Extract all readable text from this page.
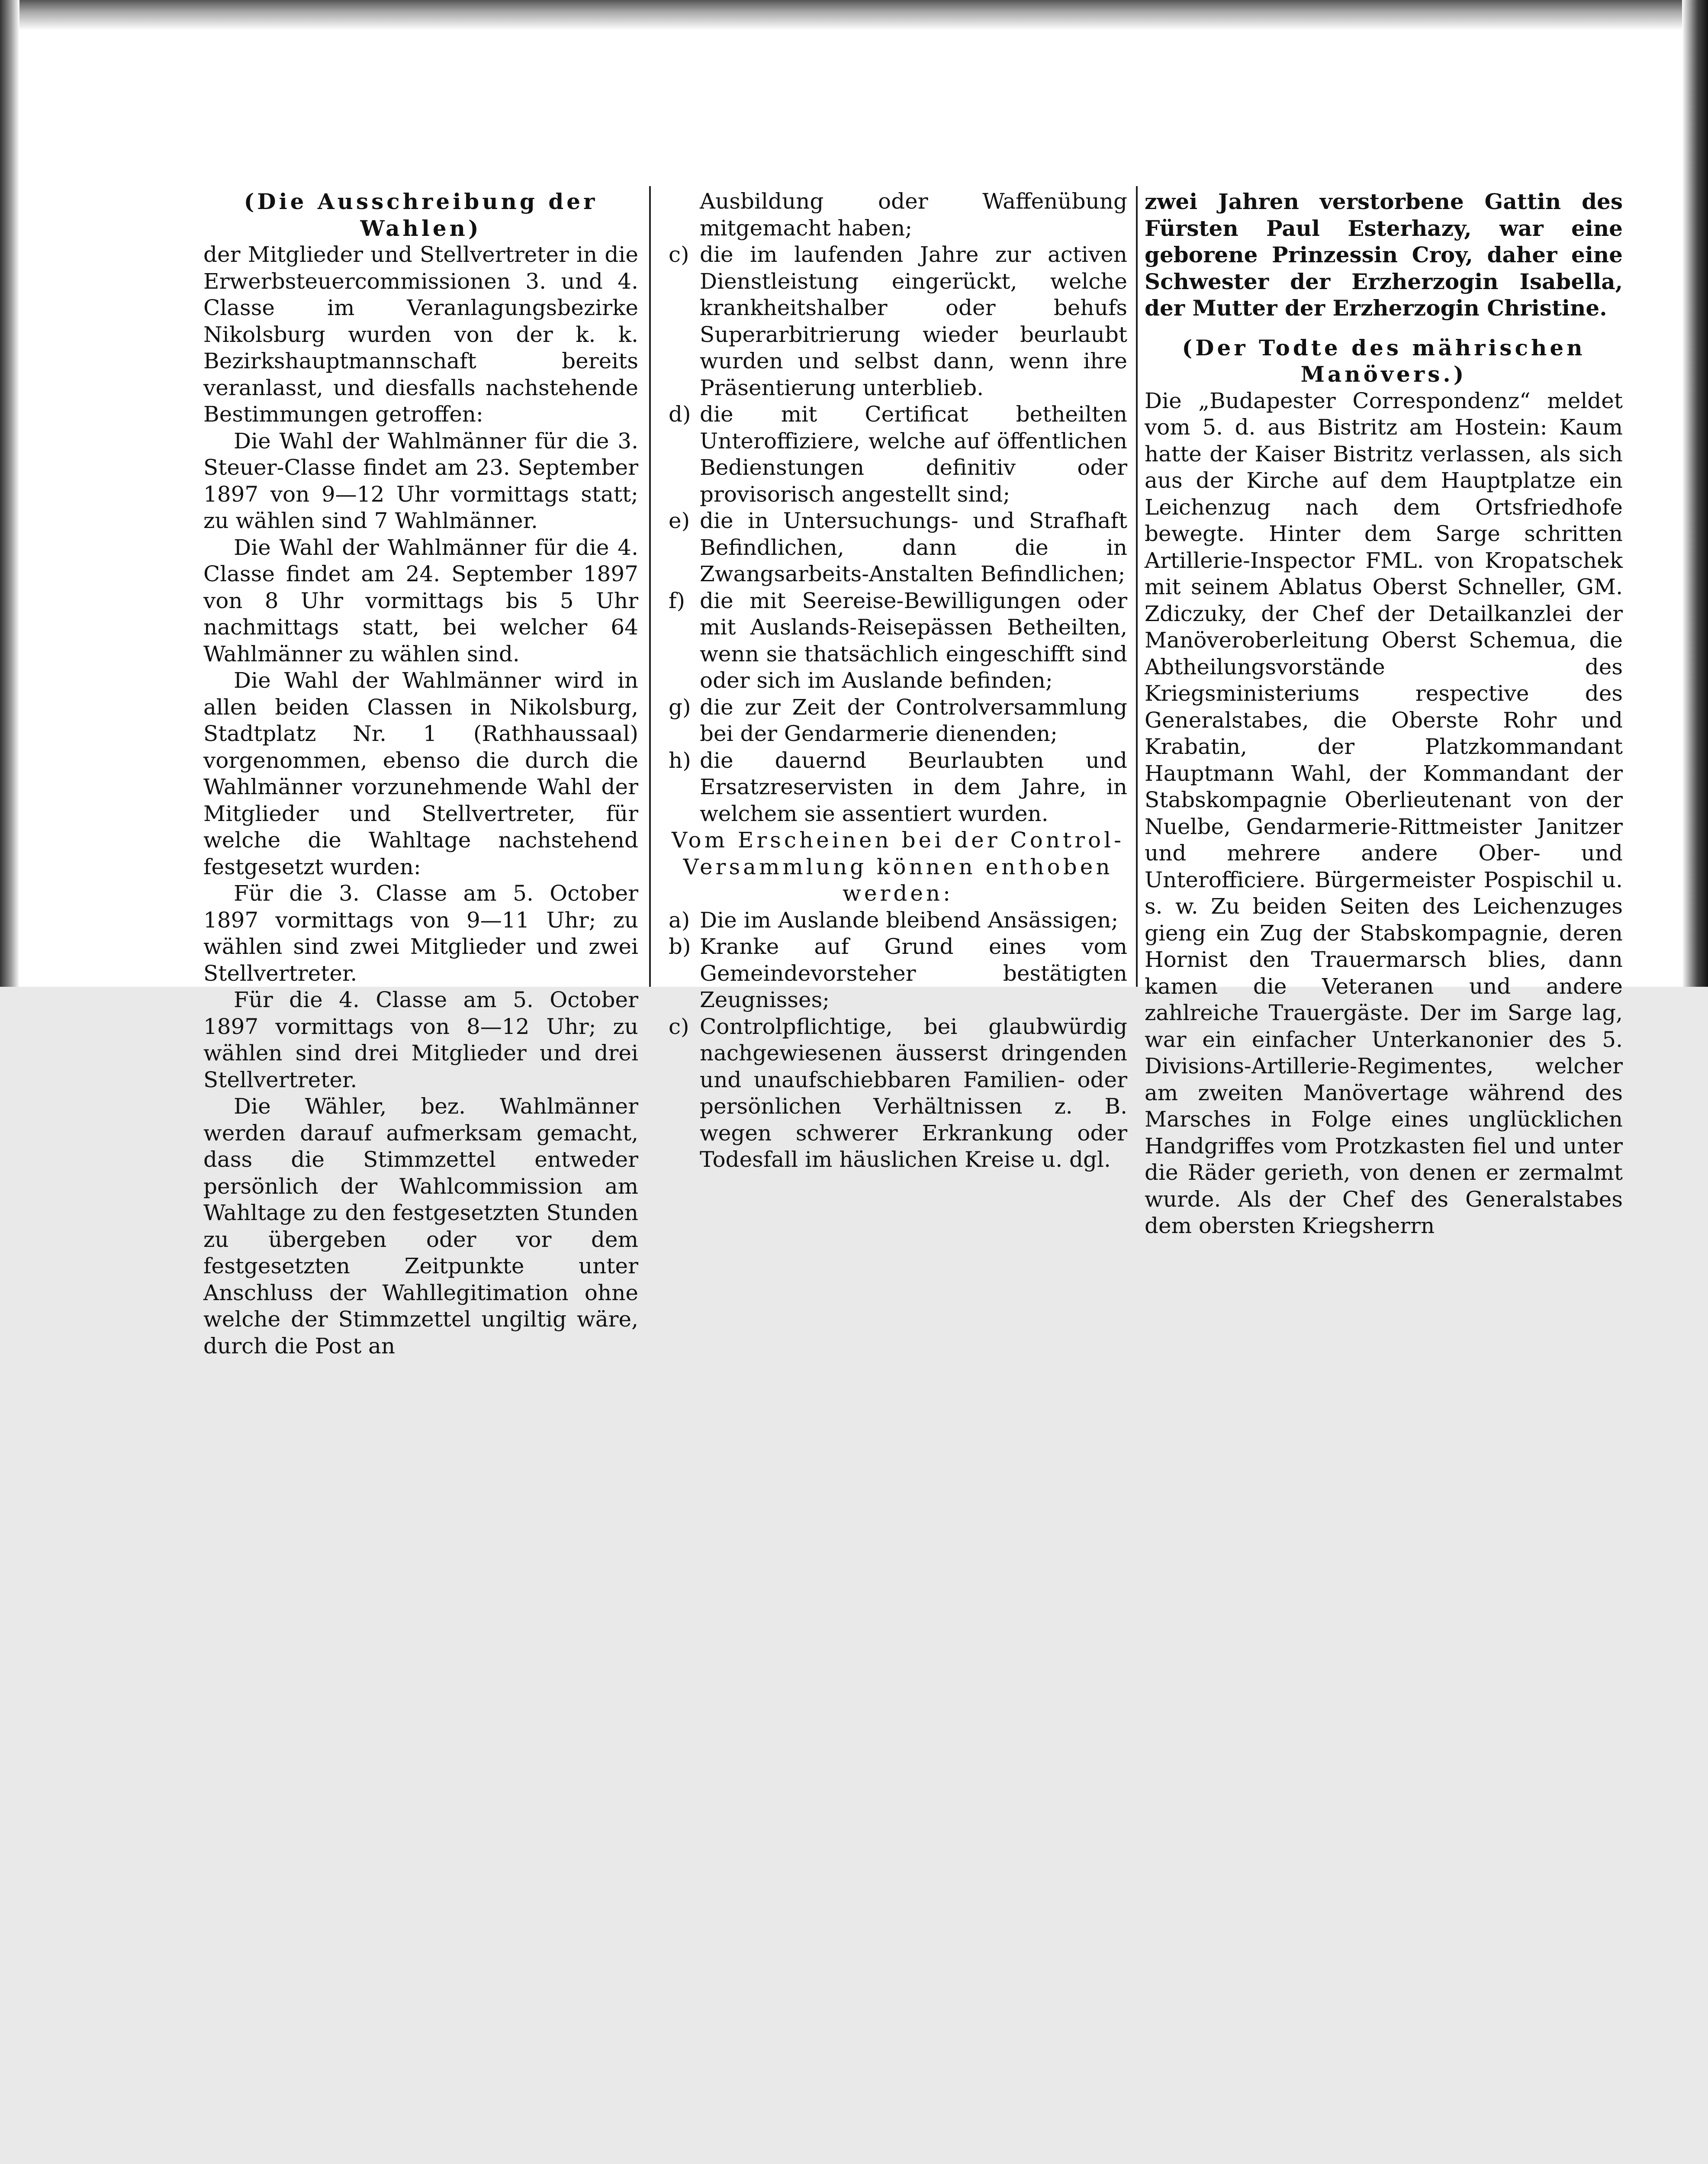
(Die Ausschreibung der Wahlen)

der Mitglieder und Stellvertreter in die Erwerbsteuercommissionen 3. und 4. Classe im Veranlagungsbezirke Nikolsburg wurden von der k. k. Bezirkshauptmannschaft bereits veranlasst, und diesfalls nachstehende Bestimmungen getroffen:

Die Wahl der Wahlmänner für die 3. Steuer-Classe findet am 23. September 1897 von 9—12 Uhr vormittags statt; zu wählen sind 7 Wahlmänner.

Die Wahl der Wahlmänner für die 4. Classe findet am 24. September 1897 von 8 Uhr vormittags bis 5 Uhr nachmittags statt, bei welcher 64 Wahlmänner zu wählen sind.

Die Wahl der Wahlmänner wird in allen beiden Classen in Nikolsburg, Stadtplatz Nr. 1 (Rathhaussaal) vorgenommen, ebenso die durch die Wahlmänner vorzunehmende Wahl der Mitglieder und Stellvertreter, für welche die Wahltage nachstehend festgesetzt wurden:

Für die 3. Classe am 5. October 1897 vormittags von 9—11 Uhr; zu wählen sind zwei Mitglieder und zwei Stellvertreter.

Für die 4. Classe am 5. October 1897 vormittags von 8—12 Uhr; zu wählen sind drei Mitglieder und drei Stellvertreter.

Die Wähler, bez. Wahlmänner werden darauf aufmerksam gemacht, dass die Stimmzettel entweder persönlich der Wahlcommission am Wahltage zu den festgesetzten Stunden zu übergeben oder vor dem festgesetzten Zeitpunkte unter Anschluss der Wahllegitimation ohne welche der Stimmzettel ungiltig wäre, durch die Post an

Ausbildung oder Waffenübung mitgemacht haben;

c) die im laufenden Jahre zur activen Dienstleistung eingerückt, welche krankheitshalber oder behufs Superarbitrierung wieder beurlaubt wurden und selbst dann, wenn ihre Präsentierung unterblieb.
d) die mit Certificat betheilten Unteroffiziere, welche auf öffentlichen Bedienstungen definitiv oder provisorisch angestellt sind;
e) die in Untersuchungs- und Strafhaft Befindlichen, dann die in Zwangsarbeits-Anstalten Befindlichen;
f) die mit Seereise-Bewilligungen oder mit Auslands-Reisepässen Betheilten, wenn sie thatsächlich eingeschifft sind oder sich im Auslande befinden;
g) die zur Zeit der Controlversammlung bei der Gendarmerie dienenden;
h) die dauernd Beurlaubten und Ersatzreservisten in dem Jahre, in welchem sie assentiert wurden.

Vom Erscheinen bei der Control-Versammlung können enthoben werden:

a) Die im Auslande bleibend Ansässigen;
b) Kranke auf Grund eines vom Gemeindevorsteher bestätigten Zeugnisses;
c) Controlpflichtige, bei glaubwürdig nachgewiesenen äusserst dringenden und unaufschiebbaren Familien- oder persönlichen Verhältnissen z. B. wegen schwerer Erkrankung oder Todesfall im häuslichen Kreise u. dgl.

zwei Jahren verstorbene Gattin des Fürsten Paul Esterhazy, war eine geborene Prinzessin Croy, daher eine Schwester der Erzherzogin Isabella, der Mutter der Erzherzogin Christine.

(Der Todte des mährischen Manövers.)

Die „Budapester Correspondenz“ meldet vom 5. d. aus Bistritz am Hostein: Kaum hatte der Kaiser Bistritz verlassen, als sich aus der Kirche auf dem Hauptplatze ein Leichenzug nach dem Ortsfriedhofe bewegte. Hinter dem Sarge schritten Artillerie-Inspector FML. von Kropatschek mit seinem Ablatus Oberst Schneller, GM. Zdiczuky, der Chef der Detailkanzlei der Manöveroberleitung Oberst Schemua, die Abtheilungsvorstände des Kriegsministeriums respective des Generalstabes, die Oberste Rohr und Krabatin, der Platzkommandant Hauptmann Wahl, der Kommandant der Stabskompagnie Oberlieutenant von der Nuelbe, Gendarmerie-Rittmeister Janitzer und mehrere andere Ober- und Unterofficiere. Bürgermeister Pospischil u. s. w. Zu beiden Seiten des Leichenzuges gieng ein Zug der Stabskompagnie, deren Hornist den Trauermarsch blies, dann kamen die Veteranen und andere zahlreiche Trauergäste. Der im Sarge lag, war ein einfacher Unterkanonier des 5. Divisions-Artillerie-Regimentes, welcher am zweiten Manövertage während des Marsches in Folge eines unglücklichen Handgriffes vom Protzkasten fiel und unter die Räder gerieth, von denen er zermalmt wurde. Als der Chef des Generalstabes dem obersten Kriegsherrn
